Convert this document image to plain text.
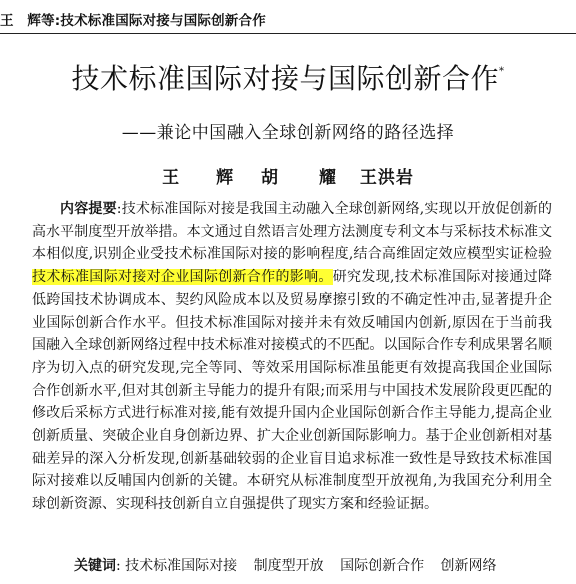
王　辉等:技术标准国际对接与国际创新合作
技术标准国际对接与国际创新合作*
——兼论中国融入全球创新网络的路径选择
王　辉 胡　耀 王洪岩
内容提要:技术标准国际对接是我国主动融入全球创新网络,实现以开放促创新的高水平制度型开放举措。本文通过自然语言处理方法测度专利文本与采标技术标准文本相似度,识别企业受技术标准国际对接的影响程度,结合高维固定效应模型实证检验技术标准国际对接对企业国际创新合作的影响。研究发现,技术标准国际对接通过降低跨国技术协调成本、契约风险成本以及贸易摩擦引致的不确定性冲击,显著提升企业国际创新合作水平。但技术标准国际对接并未有效反哺国内创新,原因在于当前我国融入全球创新网络过程中技术标准对接模式的不匹配。以国际合作专利成果署名顺序为切入点的研究发现,完全等同、等效采用国际标准虽能更有效提高我国企业国际合作创新水平,但对其创新主导能力的提升有限;而采用与中国技术发展阶段更匹配的修改后采标方式进行标准对接,能有效提升国内企业国际创新合作主导能力,提高企业创新质量、突破企业自身创新边界、扩大企业创新国际影响力。基于企业创新相对基础差异的深入分析发现,创新基础较弱的企业盲目追求标准一致性是导致技术标准国际对接难以反哺国内创新的关键。本研究从标准制度型开放视角,为我国充分利用全球创新资源、实现科技创新自立自强提供了现实方案和经验证据。
关键词: 技术标准国际对接 制度型开放 国际创新合作 创新网络
